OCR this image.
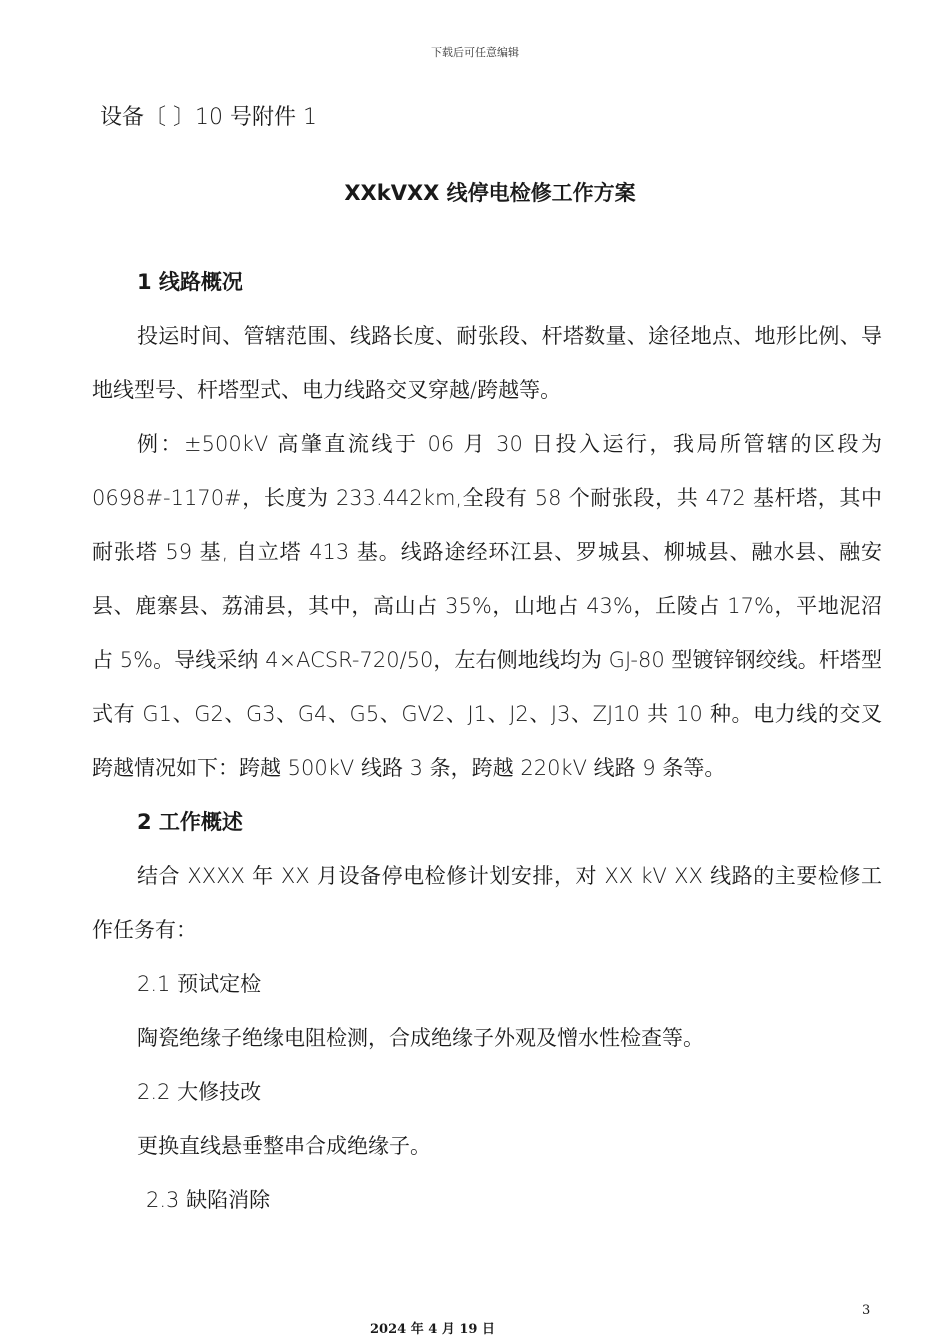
下载后可任意编辑
设备〔 〕10 号附件 1
XXkVXX 线停电检修工作方案

1 线路概况

投运时间、管辖范围、线路长度、耐张段、杆塔数量、途径地点、地形比例、导地线型号、杆塔型式、电力线路交叉穿越/跨越等。

例：±500kV 高肇直流线于 06 月 30 日投入运行，我局所管辖的区段为 0698#-1170#，长度为 233.442km,全段有 58 个耐张段，共 472 基杆塔，其中耐张塔 59 基, 自立塔 413 基。线路途经环江县、罗城县、柳城县、融水县、融安县、鹿寨县、荔浦县，其中，高山占 35%，山地占 43%，丘陵占 17%，平地泥沼占 5%。导线采纳 4×ACSR-720/50，左右侧地线均为 GJ-80 型镀锌钢绞线。杆塔型式有 G1、G2、G3、G4、G5、GV2、J1、J2、J3、ZJ10 共 10 种。电力线的交叉跨越情况如下：跨越 500kV 线路 3 条，跨越 220kV 线路 9 条等。

2 工作概述

结合 XXXX 年 XX 月设备停电检修计划安排，对 XX kV XX 线路的主要检修工作任务有：

2.1 预试定检

陶瓷绝缘子绝缘电阻检测，合成绝缘子外观及憎水性检查等。

2.2 大修技改

更换直线悬垂整串合成绝缘子。

2.3 缺陷消除

3
2024 年 4 月 19 日
